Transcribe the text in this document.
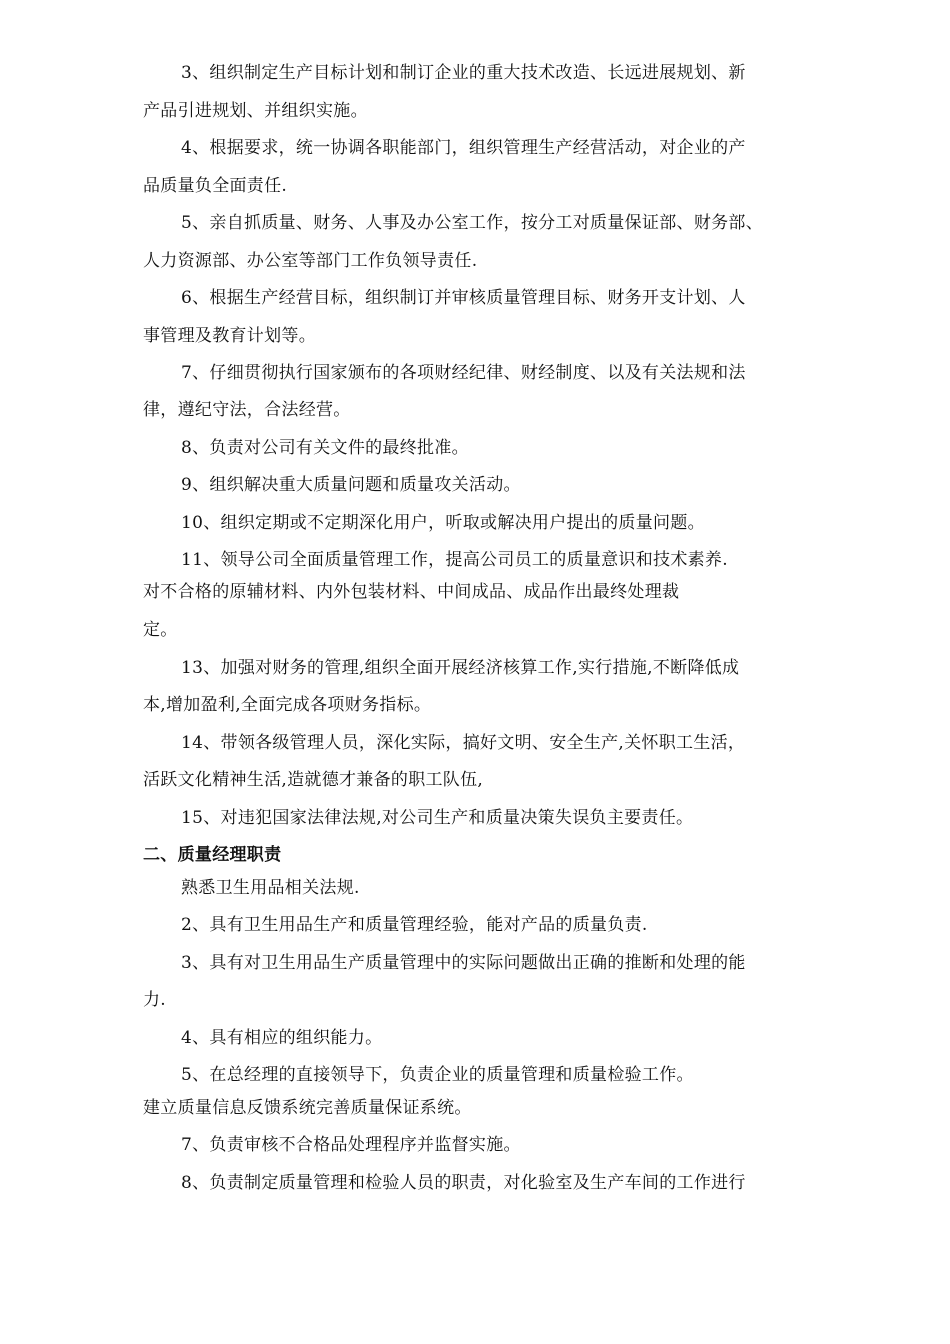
3、组织制定生产目标计划和制订企业的重大技术改造、长远进展规划、新
产品引进规划、并组织实施。
4、根据要求，统一协调各职能部门，组织管理生产经营活动，对企业的产
品质量负全面责任.
5、亲自抓质量、财务、人事及办公室工作，按分工对质量保证部、财务部、
人力资源部、办公室等部门工作负领导责任.
6、根据生产经营目标，组织制订并审核质量管理目标、财务开支计划、人
事管理及教育计划等。
7、仔细贯彻执行国家颁布的各项财经纪律、财经制度、以及有关法规和法
律，遵纪守法，合法经营。
8、负责对公司有关文件的最终批准。
9、组织解决重大质量问题和质量攻关活动。
10、组织定期或不定期深化用户，听取或解决用户提出的质量问题。
11、领导公司全面质量管理工作，提高公司员工的质量意识和技术素养.
对不合格的原辅材料、内外包装材料、中间成品、成品作出最终处理裁
定。
13、加强对财务的管理,组织全面开展经济核算工作,实行措施,不断降低成
本,增加盈利,全面完成各项财务指标。
14、带领各级管理人员，深化实际，搞好文明、安全生产,关怀职工生活，
活跃文化精神生活,造就德才兼备的职工队伍,
15、对违犯国家法律法规,对公司生产和质量决策失误负主要责任。
二、质量经理职责
熟悉卫生用品相关法规.
2、具有卫生用品生产和质量管理经验，能对产品的质量负责.
3、具有对卫生用品生产质量管理中的实际问题做出正确的推断和处理的能
力.
4、具有相应的组织能力。
5、在总经理的直接领导下，负责企业的质量管理和质量检验工作。
建立质量信息反馈系统完善质量保证系统。
7、负责审核不合格品处理程序并监督实施。
8、负责制定质量管理和检验人员的职责，对化验室及生产车间的工作进行
